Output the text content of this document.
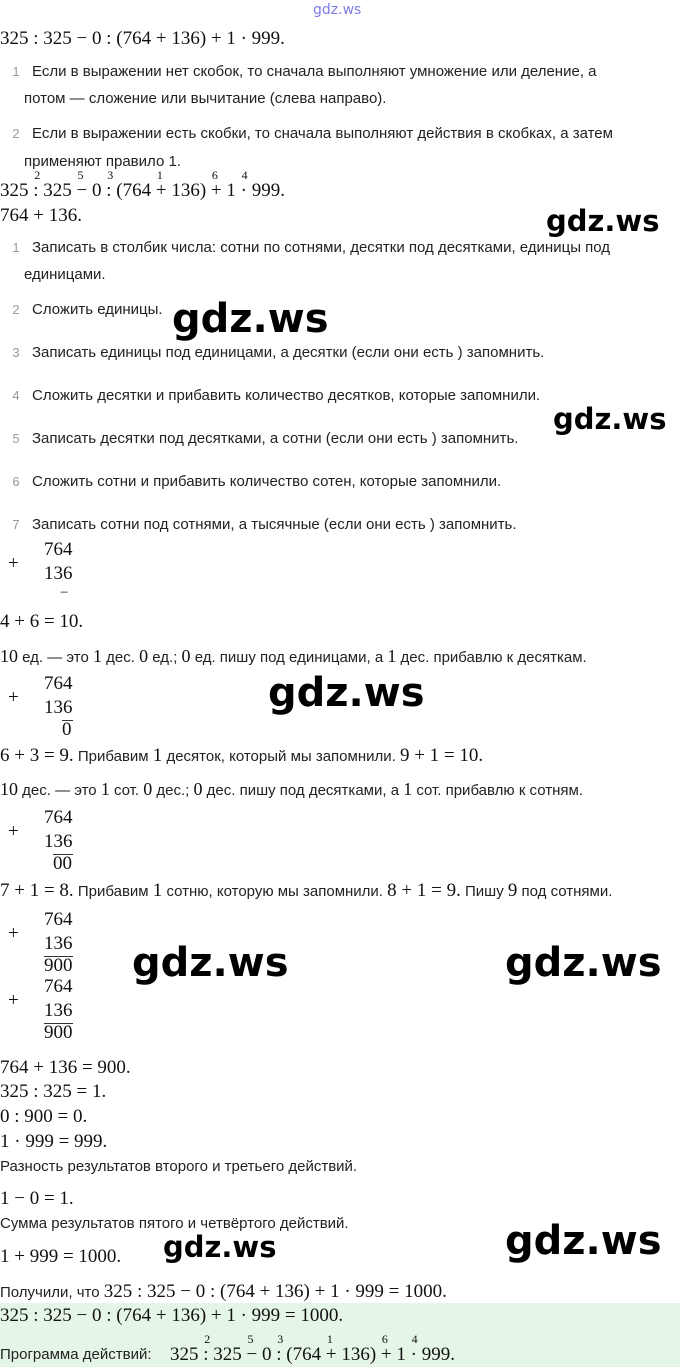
gdz.ws
325 : 325 − 0 : (764 + 136) + 1 · 999.
1 Если в выражении нет скобок, то сначала выполняют умножение или деление, а
потом — сложение или вычитание (слева направо).
2 Если в выражении есть скобки, то сначала выполняют действия в скобках, а затем
применяют правило 1.
325 :
2
325 −
5
0 :
3
(764 +
1
136) +
6
1 ·
4
999.
764 + 136.	gdz.ws
1 Записать в столбик числа: сотни по сотнями, десятки под десятками, единицы под
единицами.
2 Сложить единицы. gdz.ws
3 Записать единицы под единицами, а десятки (если они есть ) запомнить.
4 Сложить десятки и прибавить количество десятков, которые запомнили.
gdz.ws
5 Записать десятки под десятками, а сотни (если они есть ) запомнить.
6 Сложить сотни и прибавить количество сотен, которые запомнили.
7 Записать сотни под сотнями, а тысячные (если они есть ) запомнить.
+
764
136
−
4 + 6 = 10.
10 ед. — это 1 дес. 0 ед.; 0 ед. пишу под единицами, а 1 дес. прибавлю к десяткам.
+
764
136
0
gdz.ws
6 + 3 = 9. Прибавим 1 десяток, который мы запомнили. 9 + 1 = 10.
10 дес. — это 1 сот. 0 дес.; 0 дес. пишу под десятками, а 1 сот. прибавлю к сотням.
+
764
136
00
7 + 1 = 8. Прибавим 1 сотню, которую мы запомнили. 8 + 1 = 9. Пишу 9 под сотнями.
+
764
136
900
+
764
136
900
gdz.ws	gdz.ws
764 + 136 = 900.
325 : 325 = 1.
0 : 900 = 0.
1 · 999 = 999.
Разность результатов второго и третьего действий.
1 − 0 = 1.
Сумма результатов пятого и четвёртого действий.
1 + 999 = 1000. gdz.ws	gdz.ws
Получили, что 325 : 325 − 0 : (764 + 136) + 1 · 999 = 1000.
325 : 325 − 0 : (764 + 136) + 1 · 999 = 1000.
Программа действий: 325 :
2
325 −
5
0 :
3
(764 +
1
136) +
6
1 ·
4
999.
